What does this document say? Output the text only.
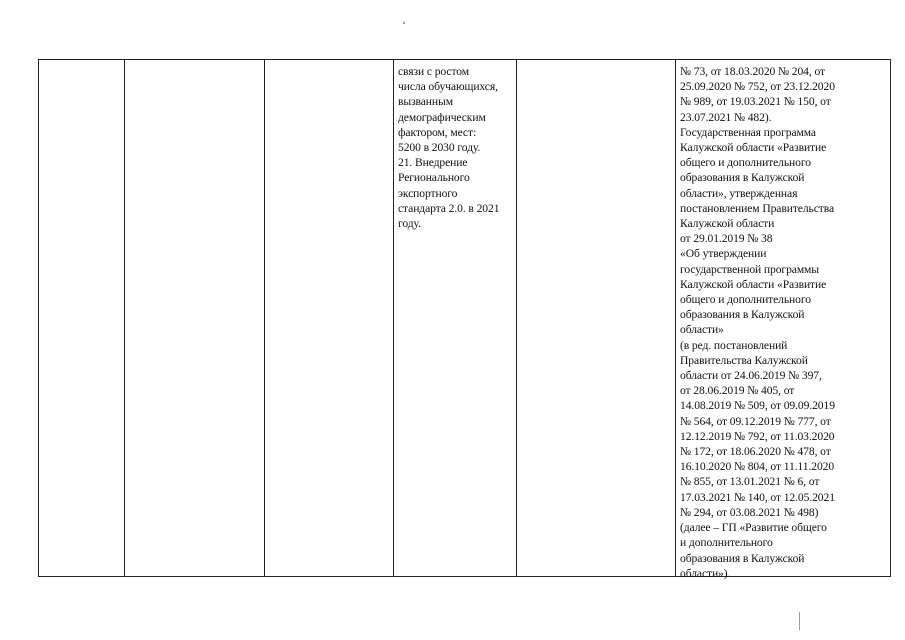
связи с ростом
числа обучающихся,
вызванным
демографическим
фактором, мест:
5200 в 2030 году.
21. Внедрение
Регионального
экспортного
стандарта 2.0. в 2021
году.
№ 73, от 18.03.2020 № 204, от
25.09.2020 № 752, от 23.12.2020
№ 989, от 19.03.2021 № 150, от
23.07.2021 № 482).
Государственная программа
Калужской области «Развитие
общего и дополнительного
образования в Калужской
области», утвержденная
постановлением Правительства
Калужской области
от 29.01.2019 № 38
«Об утверждении
государственной программы
Калужской области «Развитие
общего и дополнительного
образования в Калужской
области»
(в ред. постановлений
Правительства Калужской
области от 24.06.2019 № 397,
от 28.06.2019 № 405, от
14.08.2019 № 509, от 09.09.2019
№ 564, от 09.12.2019 № 777, от
12.12.2019 № 792, от 11.03.2020
№ 172, от 18.06.2020 № 478, от
16.10.2020 № 804, от 11.11.2020
№ 855, от 13.01.2021 № 6, от
17.03.2021 № 140, от 12.05.2021
№ 294, от 03.08.2021 № 498)
(далее – ГП «Развитие общего
и дополнительного
образования в Калужской
области»).
